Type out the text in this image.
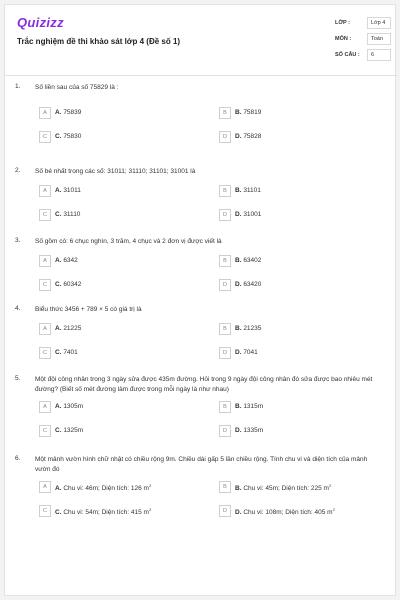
Quizizz
Trắc nghiệm đề thi khảo sát lớp 4 (Đề số 1)
LỚP :	Lớp 4
MÔN :	Toán
SỐ CÂU :	6
1. Số liền sau của số 75829 là :
A	A. 75839	B	B. 75819
C	C. 75830	D	D. 75828
2. Số bé nhất trong các số: 31011; 31110; 31101; 31001 là
A	A. 31011	B	B. 31101
C	C. 31110	D	D. 31001
3. Số gồm có: 6 chục nghìn, 3 trăm, 4 chục và 2 đơn vị được viết là
A	A. 6342	B	B. 63402
C	C. 60342	D	D. 63420
4. Biểu thức 3456 + 789 × 5 có giá trị là
A	A. 21225	B	B. 21235
C	C. 7401	D	D. 7041
5. Một đội công nhân trong 3 ngày sửa được 435m đường. Hỏi trong 9 ngày đội công nhân đó sửa được bao nhiêu mét đường? (Biết số mét đường làm được trong mỗi ngày là như nhau)
A	A. 1305m	B	B. 1315m
C	C. 1325m	D	D. 1335m
6. Một mảnh vườn hình chữ nhật có chiều rộng 9m. Chiều dài gấp 5 lần chiều rộng. Tính chu vi và diện tích của mảnh vườn đó
A	A. Chu vi: 46m; Diện tích: 126 $m^2$	B	B. Chu vi: 45m; Diện tích: 225 $m^2$
C	C. Chu vi: 54m; Diện tích: 415 $m^2$	D	D. Chu vi: 108m; Diện tích: 405 $m^2$
